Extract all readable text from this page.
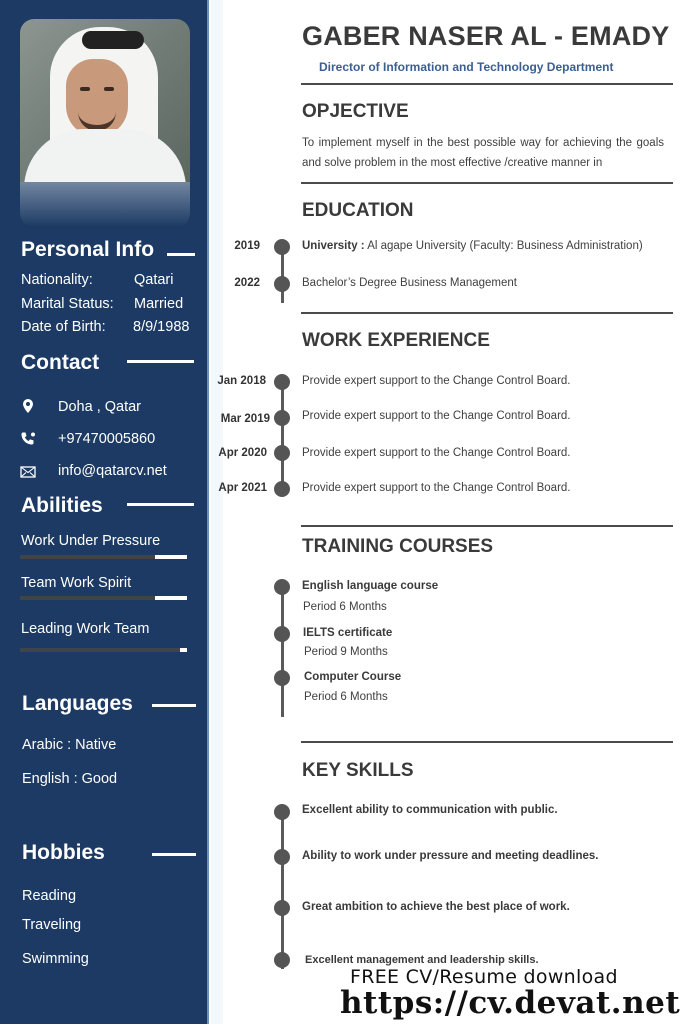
Personal Info
Nationality:	Qatari
Marital Status: Married
Date of Birth: 8/9/1988
Contact
Doha , Qatar
+97470005860
info@qatarcv.net
Abilities
Work Under Pressure
Team Work Spirit
Leading Work Team
Languages
Arabic : Native
English : Good
Hobbies
Reading
Traveling
Swimming
GABER NASER AL - EMADY
Director of Information and Technology Department
OPJECTIVE
To implement myself in the best possible way for achieving the goals and solve problem in the most effective /creative manner in
EDUCATION
2019	University : Al agape University (Faculty: Business Administration)
2022	Bachelor’s Degree Business Management
WORK EXPERIENCE
Jan 2018	Provide expert support to the Change Control Board.
Mar 2019	Provide expert support to the Change Control Board.
Apr 2020	Provide expert support to the Change Control Board.
Apr 2021	Provide expert support to the Change Control Board.
TRAINING COURSES
English language course
Period 6 Months
IELTS certificate
Period 9 Months
Computer Course
Period 6 Months
KEY SKILLS
Excellent ability to communication with public.
Ability to work under pressure and meeting deadlines.
Great ambition to achieve the best place of work.
Excellent management and leadership skills.
FREE CV/Resume download
https://cv.devat.net
